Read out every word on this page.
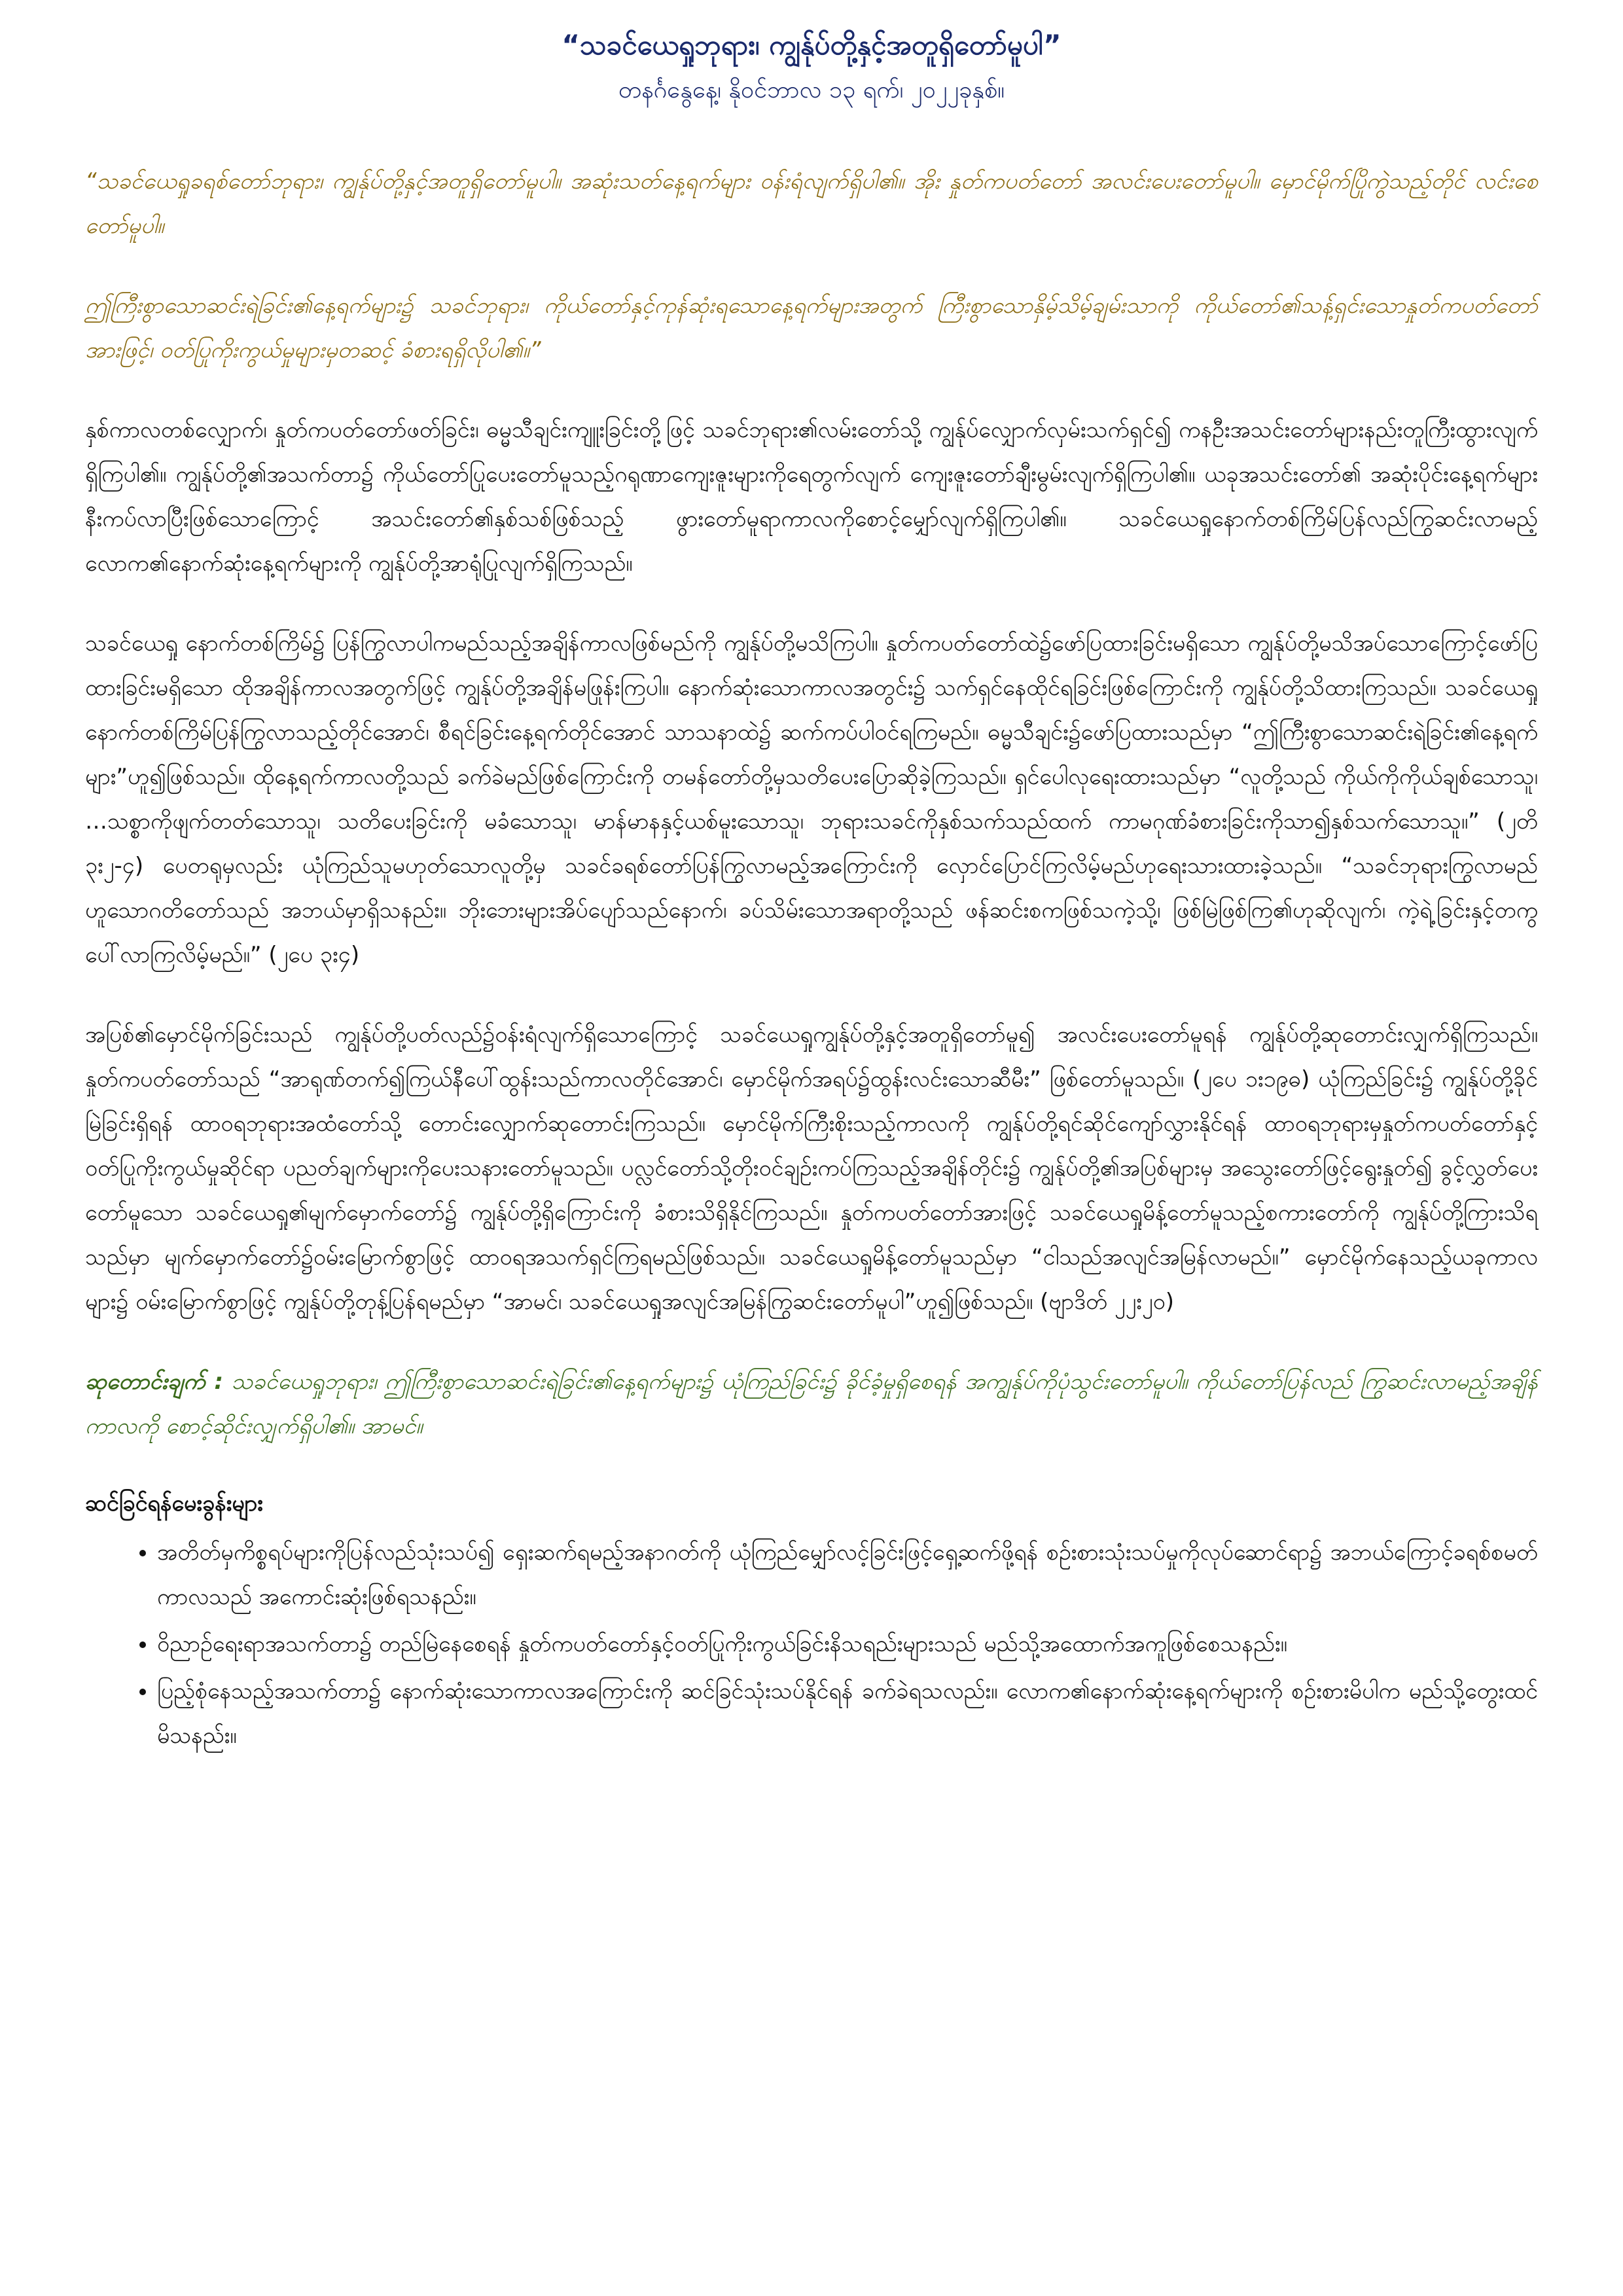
“သခင်ယေရှုဘုရား၊ ကျွန်ုပ်တို့နှင့်အတူရှိတော်မူပါ”
တနင်္ဂနွေနေ့၊ နိုဝင်ဘာလ ၁၃ ရက်၊ ၂၀၂၂ခုနှစ်။

“သခင်ယေရှုခရစ်တော်ဘုရား၊ ကျွန်ုပ်တို့နှင့်အတူရှိတော်မူပါ။ အဆုံးသတ်နေ့ရက်များ ဝန်းရံလျက်ရှိပါ၏။ အိုး နှုတ်ကပတ်တော် အလင်းပေးတော်မူပါ။ မှောင်မိုက်ပြိုကွဲသည့်တိုင် လင်းစေတော်မူပါ။

ဤကြီးစွာသောဆင်းရဲခြင်း၏နေ့ရက်များ၌ သခင်ဘုရား၊ ကိုယ်တော်နှင့်ကုန်ဆုံးရသောနေ့ရက်များအတွက် ကြီးစွာသောနှိမ့်သိမ့်ချမ်းသာကို ကိုယ်တော်၏သန့်ရှင်းသောနှုတ်ကပတ်တော်အားဖြင့်၊ ဝတ်ပြုကိုးကွယ်မှုများမှတဆင့် ခံစားရရှိလိုပါ၏။”

နှစ်ကာလတစ်လျှောက်၊ နှုတ်ကပတ်တော်ဖတ်ခြင်း၊ ဓမ္မသီချင်းကျူးခြင်းတို့ဖြင့် သခင်ဘုရား၏လမ်းတော်သို့ ကျွန်ုပ်လျှောက်လှမ်းသက်ရှင်၍ ကနဦးအသင်းတော်များနည်းတူကြီးထွားလျက်ရှိကြပါ၏။ ကျွန်ုပ်တို့၏အသက်တာ၌ ကိုယ်တော်ပြုပေးတော်မူသည့်ဂရုဏာကျေးဇူးများကိုရေတွက်လျက် ကျေးဇူးတော်ချီးမွမ်းလျက်ရှိကြပါ၏။ ယခုအသင်းတော်၏ အဆုံးပိုင်းနေ့ရက်များနီးကပ်လာပြီးဖြစ်သောကြောင့် အသင်းတော်၏နှစ်သစ်ဖြစ်သည့် ဖွားတော်မူရာကာလကိုစောင့်မျှော်လျက်ရှိကြပါ၏။ သခင်ယေရှုနောက်တစ်ကြိမ်ပြန်လည်ကြွဆင်းလာမည့် လောက၏နောက်ဆုံးနေ့ရက်များကို ကျွန်ုပ်တို့အာရုံပြုလျက်ရှိကြသည်။

သခင်ယေရှု နောက်တစ်ကြိမ်၌ ပြန်ကြွလာပါကမည်သည့်အချိန်ကာလဖြစ်မည်ကို ကျွန်ုပ်တို့မသိကြပါ။ နှုတ်ကပတ်တော်ထဲ၌ဖော်ပြထားခြင်းမရှိသော ကျွန်ုပ်တို့မသိအပ်သောကြောင့်ဖော်ပြထားခြင်းမရှိသော ထိုအချိန်ကာလအတွက်ဖြင့် ကျွန်ုပ်တို့အချိန်မဖြုန်းကြပါ။ နောက်ဆုံးသောကာလအတွင်း၌ သက်ရှင်နေထိုင်ရခြင်းဖြစ်ကြောင်းကို ကျွန်ုပ်တို့သိထားကြသည်။ သခင်ယေရှုနောက်တစ်ကြိမ်ပြန်ကြွလာသည့်တိုင်အောင်၊ စီရင်ခြင်းနေ့ရက်တိုင်အောင် သာသနာထဲ၌ ဆက်ကပ်ပါဝင်ရကြမည်။ ဓမ္မသီချင်း၌ဖော်ပြထားသည်မှာ “ဤကြီးစွာသောဆင်းရဲခြင်း၏နေ့ရက်များ”ဟူ၍ဖြစ်သည်။ ထိုနေ့ရက်ကာလတို့သည် ခက်ခဲမည်ဖြစ်ကြောင်းကို တမန်တော်တို့မှသတိပေးပြောဆိုခဲ့ကြသည်။ ရှင်ပေါလုရေးထားသည်မှာ “လူတို့သည် ကိုယ်ကိုကိုယ်ချစ်သောသူ၊ …သစ္စာကိုဖျက်တတ်သောသူ၊ သတိပေးခြင်းကို မခံသောသူ၊ မာန်မာနနှင့်ယစ်မူးသောသူ၊ ဘုရားသခင်ကိုနှစ်သက်သည်ထက် ကာမဂုဏ်ခံစားခြင်းကိုသာ၍နှစ်သက်သောသူ။” (၂တိ ၃း၂-၄) ပေတရုမှလည်း ယုံကြည်သူမဟုတ်သောလူတို့မှ သခင်ခရစ်တော်ပြန်ကြွလာမည့်အကြောင်းကို လှောင်ပြောင်ကြလိမ့်မည်ဟုရေးသားထားခဲ့သည်။ “သခင်ဘုရားကြွလာမည်ဟူသောဂတိတော်သည် အဘယ်မှာရှိသနည်း။ ဘိုးဘေးများအိပ်ပျော်သည်နောက်၊ ခပ်သိမ်းသောအရာတို့သည် ဖန်ဆင်းစကဖြစ်သကဲ့သို့၊ ဖြစ်မြဲဖြစ်ကြ၏ဟုဆိုလျက်၊ ကဲ့ရဲ့ခြင်းနှင့်တကွပေါ်လာကြလိမ့်မည်။” (၂ပေ ၃း၄)

အပြစ်၏မှောင်မိုက်ခြင်းသည် ကျွန်ုပ်တို့ပတ်လည်၌ဝန်းရံလျက်ရှိသောကြောင့် သခင်ယေရှုကျွန်ုပ်တို့နှင့်အတူရှိတော်မူ၍ အလင်းပေးတော်မူရန် ကျွန်ုပ်တို့ဆုတောင်းလျှက်ရှိကြသည်။ နှုတ်ကပတ်တော်သည် “အာရုဏ်တက်၍ကြယ်နီပေါ်ထွန်းသည်ကာလတိုင်အောင်၊ မှောင်မိုက်အရပ်၌ထွန်းလင်းသောဆီမီး” ဖြစ်တော်မူသည်။ (၂ပေ ၁း၁၉ဓ) ယုံကြည်ခြင်း၌ ကျွန်ုပ်တို့ခိုင်မြဲခြင်းရှိရန် ထာဝရဘုရားအထံတော်သို့ တောင်းလျှောက်ဆုတောင်းကြသည်။ မှောင်မိုက်ကြီးစိုးသည့်ကာလကို ကျွန်ုပ်တို့ရင်ဆိုင်ကျော်လွှားနိုင်ရန် ထာဝရဘုရားမှနှုတ်ကပတ်တော်နှင့် ဝတ်ပြုကိုးကွယ်မှုဆိုင်ရာ ပညတ်ချက်များကိုပေးသနားတော်မူသည်။ ပလ္လင်တော်သို့တိုးဝင်ချဉ်းကပ်ကြသည့်အချိန်တိုင်း၌ ကျွန်ုပ်တို့၏အပြစ်များမှ အသွေးတော်ဖြင့်ရွေးနှုတ်၍ ခွင့်လွှတ်ပေးတော်မူသော သခင်ယေရှု၏မျက်မှောက်တော်၌ ကျွန်ုပ်တို့ရှိကြောင်းကို ခံစားသိရှိနိုင်ကြသည်။ နှုတ်ကပတ်တော်အားဖြင့် သခင်ယေရှုမိန့်တော်မူသည့်စကားတော်ကို ကျွန်ုပ်တို့ကြားသိရသည်မှာ မျက်မှောက်တော်၌ဝမ်းမြောက်စွာဖြင့် ထာဝရအသက်ရှင်ကြရမည်ဖြစ်သည်။ သခင်ယေရှုမိန့်တော်မူသည်မှာ “ငါသည်အလျင်အမြန်လာမည်။” မှောင်မိုက်နေသည့်ယခုကာလများ၌ ဝမ်းမြောက်စွာဖြင့် ကျွန်ုပ်တို့တုန့်ပြန်ရမည်မှာ “အာမင်၊ သခင်ယေရှုအလျင်အမြန်ကြွဆင်းတော်မူပါ”ဟူ၍ဖြစ်သည်။ (ဗျာဒိတ် ၂၂း၂၀)

ဆုတောင်းချက် : သခင်ယေရှုဘုရား၊ ဤကြီးစွာသောဆင်းရဲခြင်း၏နေ့ရက်များ၌ ယုံကြည်ခြင်း၌ ခိုင်ခံ့မှုရှိစေရန် အကျွန်ုပ်ကိုပုံသွင်းတော်မူပါ။ ကိုယ်တော်ပြန်လည် ကြွဆင်းလာမည့်အချိန်ကာလကို စောင့်ဆိုင်းလျှက်ရှိပါ၏။ အာမင်။

ဆင်ခြင်ရန်မေးခွန်းများ
• အတိတ်မှကိစ္စရပ်များကိုပြန်လည်သုံးသပ်၍ ရှေးဆက်ရမည့်အနာဂတ်ကို ယုံကြည်မျှော်လင့်ခြင်းဖြင့်ရှေ့ဆက်ဖို့ရန် စဉ်းစားသုံးသပ်မှုကိုလုပ်ဆောင်ရာ၌ အဘယ်ကြောင့်ခရစ်စမတ်ကာလသည် အကောင်းဆုံးဖြစ်ရသနည်း။
• ဝိညာဉ်ရေးရာအသက်တာ၌ တည်မြဲနေစေရန် နှုတ်ကပတ်တော်နှင့်ဝတ်ပြုကိုးကွယ်ခြင်းနိသရည်းများသည် မည်သို့အထောက်အကူဖြစ်စေသနည်း။
• ပြည့်စုံနေသည့်အသက်တာ၌ နောက်ဆုံးသောကာလအကြောင်းကို ဆင်ခြင်သုံးသပ်နိုင်ရန် ခက်ခဲရသလည်း။ လောက၏နောက်ဆုံးနေ့ရက်များကို စဉ်းစားမိပါက မည်သို့တွေးထင်မိသနည်း။
